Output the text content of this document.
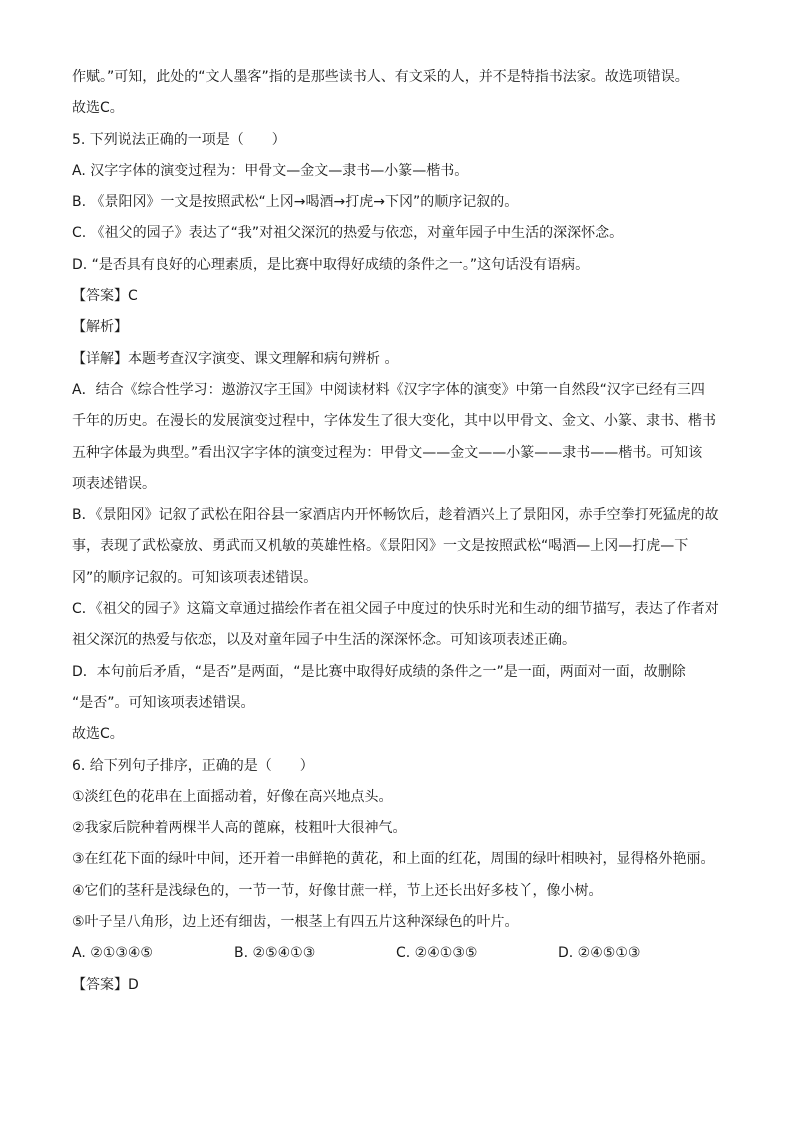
作赋。”可知，此处的“文人墨客”指的是那些读书人、有文采的人，并不是特指书法家。故选项错误。
故选C。
5. 下列说法正确的一项是（　　）
A. 汉字字体的演变过程为：甲骨文—金文—隶书—小篆—楷书。
B. 《景阳冈》一文是按照武松“上冈→喝酒→打虎→下冈”的顺序记叙的。
C. 《祖父的园子》表达了“我”对祖父深沉的热爱与依恋，对童年园子中生活的深深怀念。
D. “是否具有良好的心理素质，是比赛中取得好成绩的条件之一。”这句话没有语病。
【答案】C
【解析】
【详解】本题考查汉字演变、课文理解和病句辨析 。
A．结合《综合性学习：遨游汉字王国》中阅读材料《汉字字体的演变》中第一自然段“汉字已经有三四
千年的历史。在漫长的发展演变过程中，字体发生了很大变化，其中以甲骨文、金文、小篆、隶书、楷书
五种字体最为典型。”看出汉字字体的演变过程为：甲骨文——金文——小篆——隶书——楷书。可知该
项表述错误。
B．《景阳冈》记叙了武松在阳谷县一家酒店内开怀畅饮后，趁着酒兴上了景阳冈，赤手空拳打死猛虎的故
事，表现了武松豪放、勇武而又机敏的英雄性格。《景阳冈》一文是按照武松“喝酒—上冈—打虎—下
冈”的顺序记叙的。可知该项表述错误。
C．《祖父的园子》这篇文章通过描绘作者在祖父园子中度过的快乐时光和生动的细节描写，表达了作者对
祖父深沉的热爱与依恋，以及对童年园子中生活的深深怀念。可知该项表述正确。
D．本句前后矛盾，“是否”是两面，“是比赛中取得好成绩的条件之一”是一面，两面对一面，故删除
“是否”。可知该项表述错误。
故选C。
6. 给下列句子排序，正确的是（　　）
①淡红色的花串在上面摇动着，好像在高兴地点头。
②我家后院种着两棵半人高的蓖麻，枝粗叶大很神气。
③在红花下面的绿叶中间，还开着一串鲜艳的黄花，和上面的红花，周围的绿叶相映衬，显得格外艳丽。
④它们的茎秆是浅绿色的，一节一节，好像甘蔗一样，节上还长出好多枝丫，像小树。
⑤叶子呈八角形，边上还有细齿，一根茎上有四五片这种深绿色的叶片。
A. ②①③④⑤	B. ②⑤④①③	C. ②④①③⑤	D. ②④⑤①③
【答案】D
